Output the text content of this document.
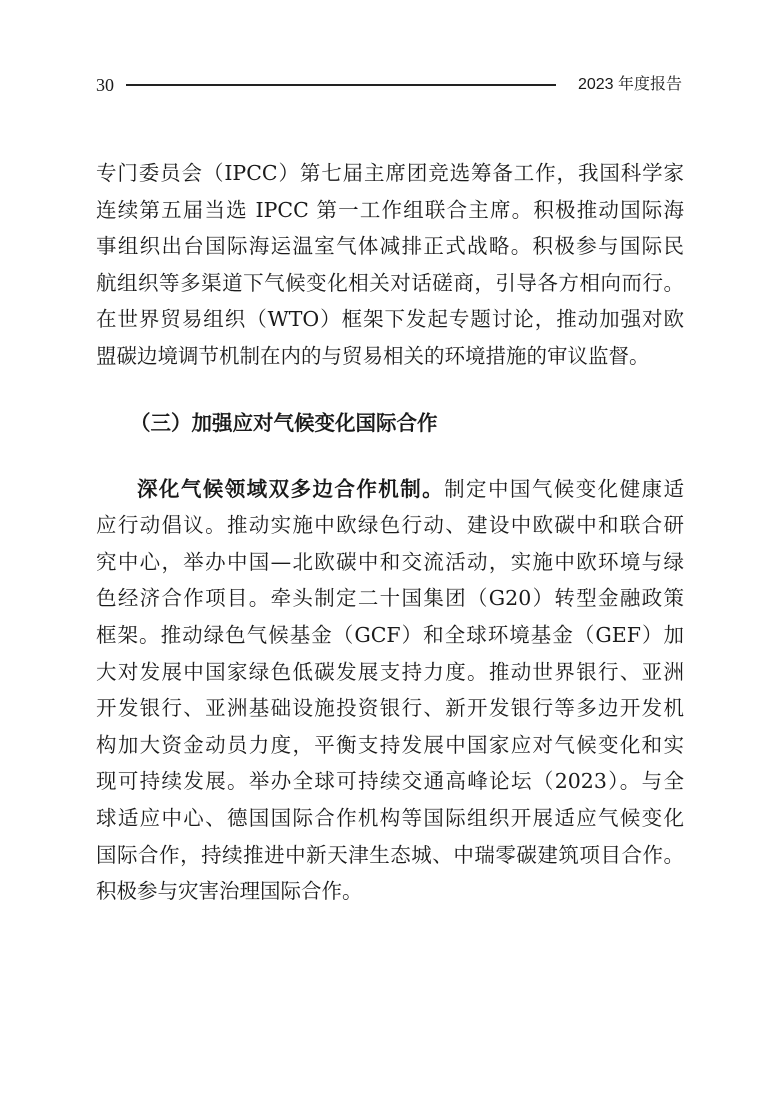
30	2023 年度报告

专门委员会（IPCC）第七届主席团竞选筹备工作，我国科学家
连续第五届当选 IPCC 第一工作组联合主席。积极推动国际海
事组织出台国际海运温室气体减排正式战略。积极参与国际民
航组织等多渠道下气候变化相关对话磋商，引导各方相向而行。
在世界贸易组织（WTO）框架下发起专题讨论，推动加强对欧
盟碳边境调节机制在内的与贸易相关的环境措施的审议监督。

（三）加强应对气候变化国际合作

深化气候领域双多边合作机制。制定中国气候变化健康适
应行动倡议。推动实施中欧绿色行动、建设中欧碳中和联合研
究中心，举办中国—北欧碳中和交流活动，实施中欧环境与绿
色经济合作项目。牵头制定二十国集团（G20）转型金融政策
框架。推动绿色气候基金（GCF）和全球环境基金（GEF）加
大对发展中国家绿色低碳发展支持力度。推动世界银行、亚洲
开发银行、亚洲基础设施投资银行、新开发银行等多边开发机
构加大资金动员力度，平衡支持发展中国家应对气候变化和实
现可持续发展。举办全球可持续交通高峰论坛（2023）。与全
球适应中心、德国国际合作机构等国际组织开展适应气候变化
国际合作，持续推进中新天津生态城、中瑞零碳建筑项目合作。
积极参与灾害治理国际合作。
